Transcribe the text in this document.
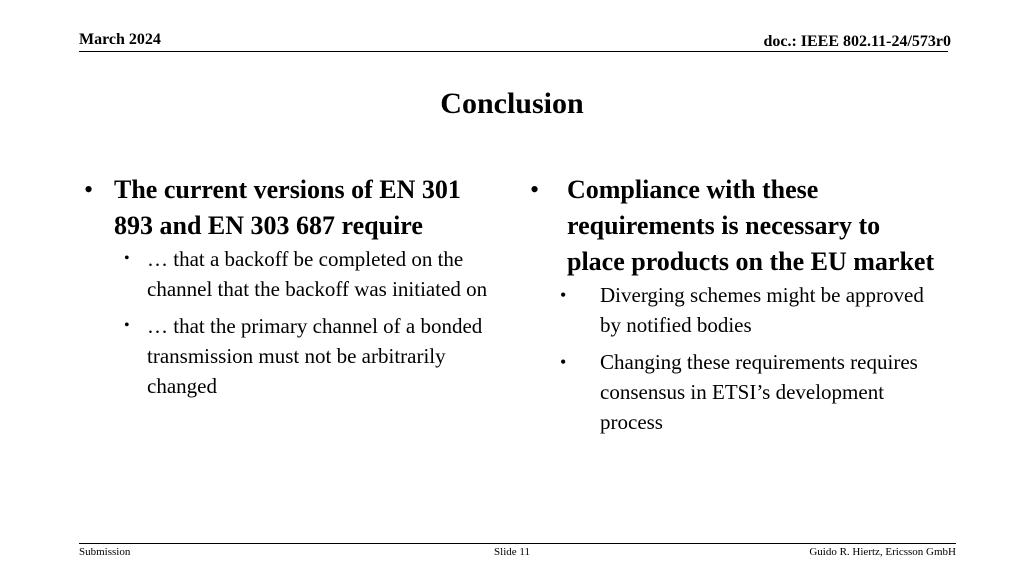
March 2024	doc.: IEEE 802.11-24/573r0
Conclusion
• The current versions of EN 301 893 and EN 303 687 require
• … that a backoff be completed on the channel that the backoff was initiated on
• … that the primary channel of a bonded transmission must not be arbitrarily changed
• Compliance with these requirements is necessary to place products on the EU market
• Diverging schemes might be approved by notified bodies
• Changing these requirements requires consensus in ETSI’s development process
Submission	Slide 11	Guido R. Hiertz, Ericsson GmbH
